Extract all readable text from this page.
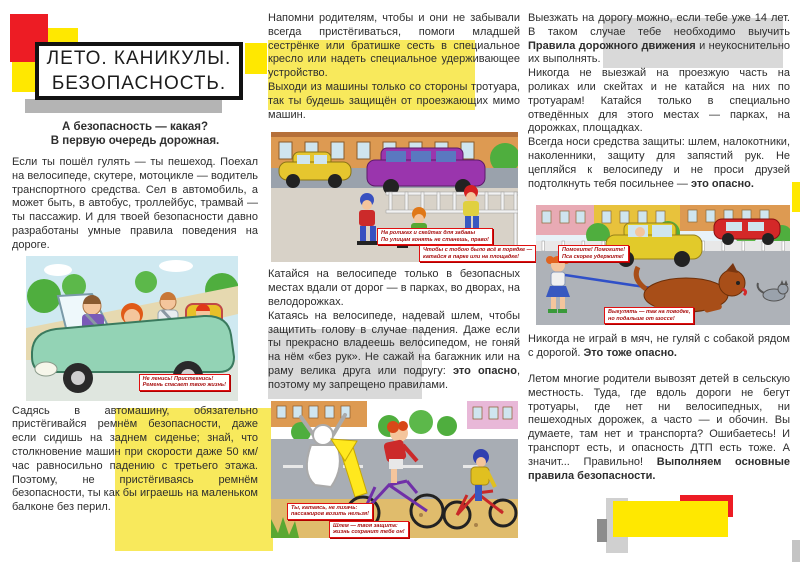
ЛЕТО. КАНИКУЛЫ.
БЕЗОПАСНОСТЬ.

А безопасность — какая?

В первую очередь дорожная.

Если ты пошёл гулять — ты пешеход. Поехал на велосипеде, скутере, мотоцикле — водитель транспортного средства. Сел в автомобиль, а может быть, в автобус, троллейбус, трамвай — ты пассажир. И для твоей безопасности давно разработаны умные правила поведения на дороге.

Не ленись! Пристегнись!
Ремень спасает твою жизнь!

Садясь в автомашину, обязательно пристёгивайся ремнём безопасности, даже если сидишь на заднем сиденье; знай, что столкновение машин при скорости даже 50 км/час равносильно падению с третьего этажа. Поэтому, не пристёгиваясь ремнём безопасности, ты как бы играешь на маленьком балконе без перил.

Напомни родителям, чтобы и они не забывали всегда пристёгиваться, помоги младшей сестрёнке или братишке сесть в специальное кресло или надеть специальное удерживающее устройство.

Выходи из машины только со стороны тротуара, так ты будешь защищён от проезжающих мимо машин.

На роликах и скейтах для забавы
По улицам гонять не станешь, право!
Чтобы с тобою было всё в порядке —
катайся в парке или на площадке!

Катайся на велосипеде только в безопасных местах вдали от дорог — в парках, во дворах, на велодорожках.

Катаясь на велосипеде, надевай шлем, чтобы защитить голову в случае падения. Даже если ты прекрасно владеешь велосипедом, не гоняй на нём «без рук». Не сажай на багажник или на раму велика друга или подругу: это опасно, поэтому му запрещено правилами.

Ты, катаясь, не лихачь:
пассажиров возить нельзя!
Шлем — твоя защита:
жизнь сохранит тебе он!

Выезжать на дорогу можно, если тебе уже 14 лет. В таком случае тебе необходимо выучить Правила дорожного движения и неукоснительно их выполнять.

Никогда не выезжай на проезжую часть на роликах или скейтах и не катайся на них по тротуарам! Катайся только в специально отведённых для этого местах — парках, на дорожках, площадках.

Всегда носи средства защиты: шлем, налокотники, наколенники, защиту для запястий рук. Не цепляйся к велосипеду и не проси друзей подтолкнуть тебя посильнее — это опасно.

Помогите! Помогите!
Пса скорее удержите!
Выгулять — так на поводке,
но подальше от шоссе!

Никогда не играй в мяч, не гуляй с собакой рядом с дорогой. Это тоже опасно.

Летом многие родители вывозят детей в сельскую местность. Туда, где вдоль дороги не бегут тротуары, где нет ни велосипедных, ни пешеходных дорожек, а часто — и обочин. Вы думаете, там нет и транспорта? Ошибаетесь! И транспорт есть, и опасность ДТП есть тоже. А значит... Правильно! Выполняем основные правила безопасности.
